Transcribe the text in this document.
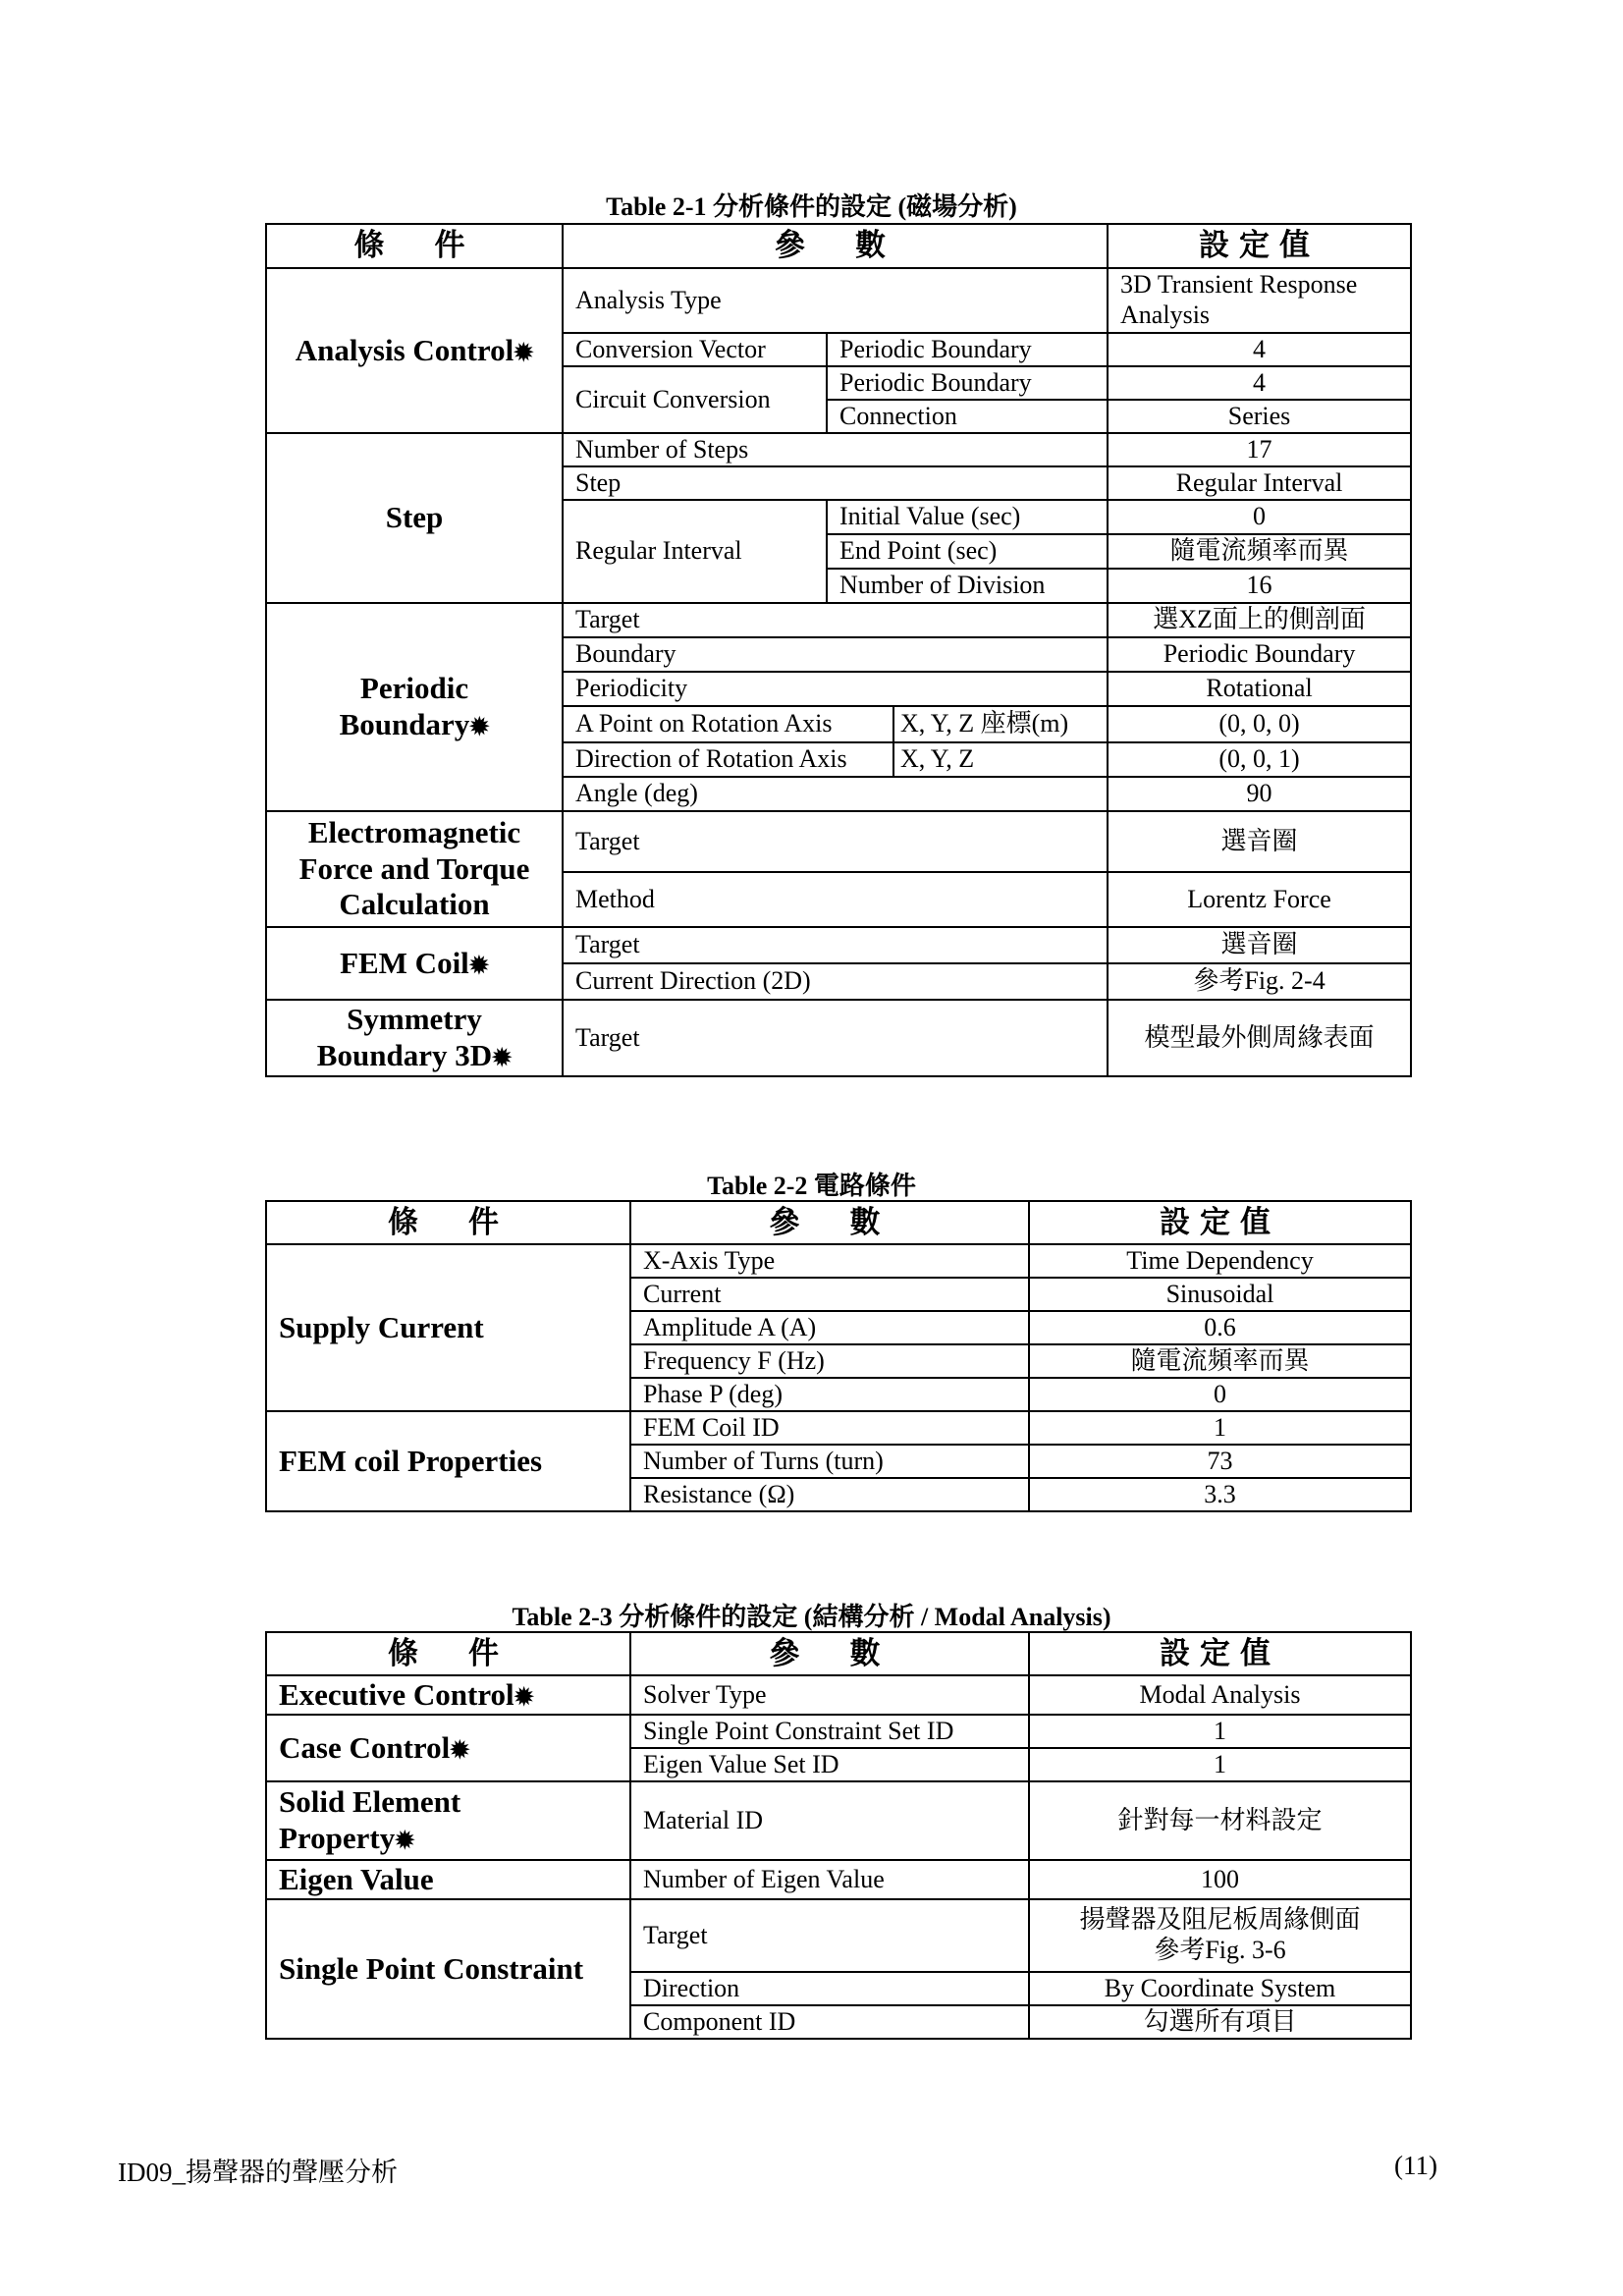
Table 2-1 分析條件的設定 (磁場分析)
條　件	參　數			設定值
Analysis Control✹	Analysis Type			3D Transient Response Analysis
	Conversion Vector	Periodic Boundary		4
	Circuit Conversion	Periodic Boundary		4
		Connection		Series
Step	Number of Steps			17
	Step			Regular Interval
	Regular Interval	Initial Value (sec)		0
		End Point (sec)		隨電流頻率而異
		Number of Division		16
Periodic
Boundary✹	Target			選XZ面上的側剖面
	Boundary			Periodic Boundary
	Periodicity			Rotational
	A Point on Rotation Axis		X, Y, Z 座標(m)	(0, 0, 0)
	Direction of Rotation Axis		X, Y, Z	(0, 0, 1)
	Angle (deg)			90
Electromagnetic
Force and Torque
Calculation	Target			選音圈
	Method			Lorentz Force
FEM Coil✹	Target			選音圈
	Current Direction (2D)			參考Fig. 2-4
Symmetry
Boundary 3D✹	Target			模型最外側周緣表面
Table 2-2 電路條件
條　件	參　數	設定值
Supply Current	X-Axis Type	Time Dependency
	Current	Sinusoidal
	Amplitude A (A)	0.6
	Frequency F (Hz)	隨電流頻率而異
	Phase P (deg)	0
FEM coil Properties	FEM Coil ID	1
	Number of Turns (turn)	73
	Resistance (Ω)	3.3
Table 2-3 分析條件的設定 (結構分析 / Modal Analysis)
條　件	參　數	設定值
Executive Control✹	Solver Type	Modal Analysis
Case Control✹	Single Point Constraint Set ID	1
	Eigen Value Set ID	1
Solid Element
Property✹	Material ID	針對每一材料設定
Eigen Value	Number of Eigen Value	100
Single Point Constraint	Target	揚聲器及阻尼板周緣側面
參考Fig. 3-6
	Direction	By Coordinate System
	Component ID	勾選所有項目
ID09_揚聲器的聲壓分析	(11)
